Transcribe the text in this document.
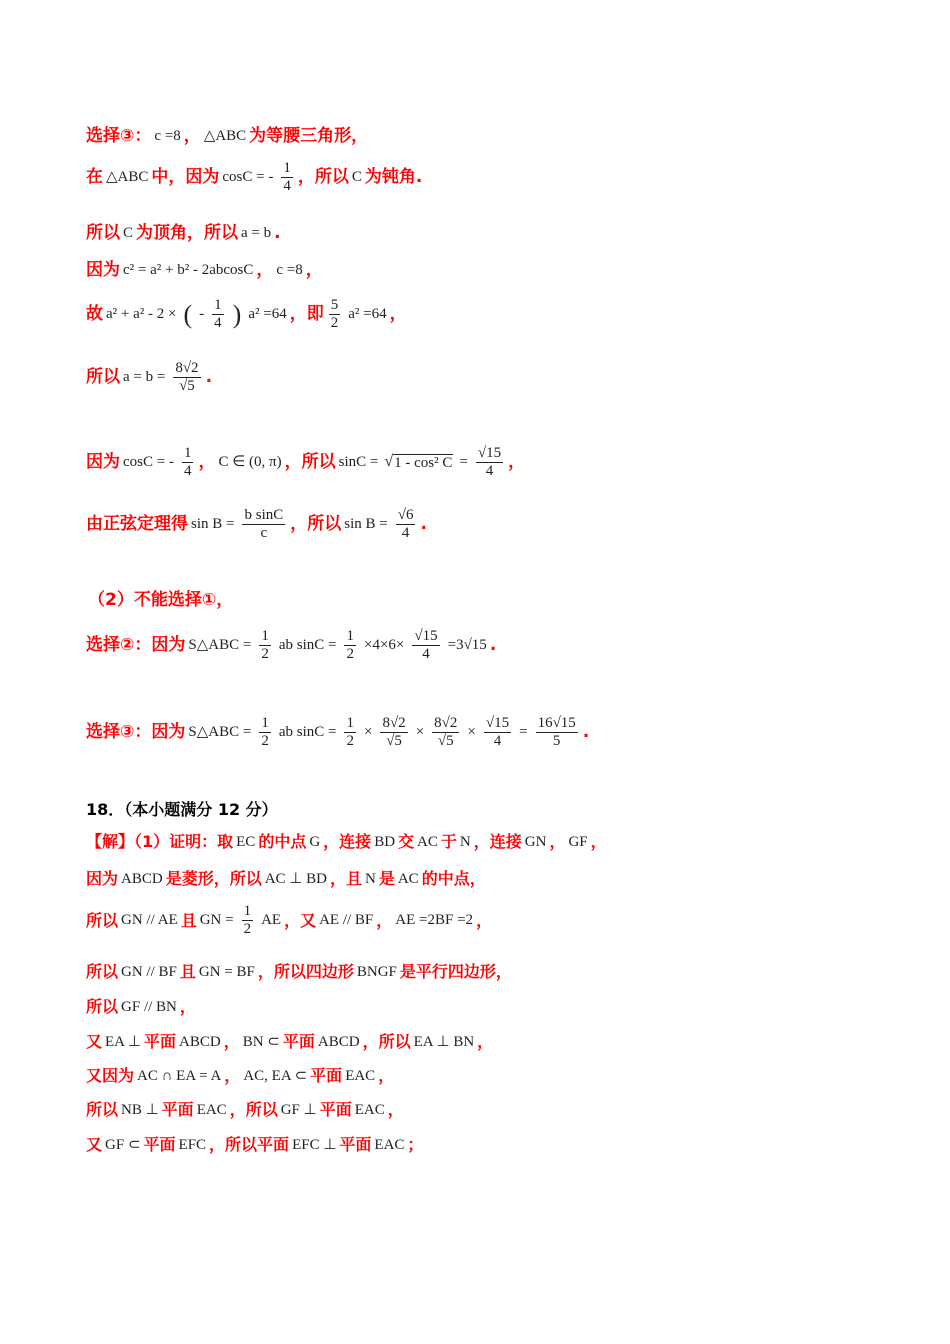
选择③： c =8 ， △ABC 为等腰三角形，
在 △ABC 中，因为 cosC = - $\frac{1}{4}$ ，所以 C 为钝角.
所以 C 为顶角，所以 a = b .
因为 c² = a² + b² - 2abcosC ， c =8 ，
故 a² + a² - 2 × ( - $\frac{1}{4}$ ) a² =64 ，即 $\frac{5}{2} a^2 =64$ ，
所以 $a = b = \frac{8√2}{√5}$ .
因为 cosC = - $\frac{1}{4}$ ， C ∈ (0, π) ，所以 sinC = √ 1 - cos² $C = \frac{√15}{4}$ ，
由正弦定理得 $\sin B = \frac{\text{b sinC}}{c}$ ，所以 $\sin B = \frac{√6}{4}$ .
（2）不能选择①，
选择②：因为 S△ABC = $\frac{1}{2}$ ab $\sin C = \frac{1}{2} \times 4\times 6\times \frac{√15}{4} =3√15$ .
选择③：因为 S△ABC = $\frac{1}{2}$ ab $\sin C = \frac{1}{2} \times \frac{8√2}{√5} \times \frac{8√2}{√5} \times \frac{√15}{4} = \frac{16√15}{5}$ .
18．（本小题满分 12 分）
【解】（1）证明：取 EC 的中点 G ，连接 BD 交 AC 于 N ，连接 GN ， GF ，
因为 ABCD 是菱形，所以 AC ⊥ BD ，且 N 是 AC 的中点，
所以 GN // AE 且 GN = $\frac{1}{2}$ AE ，又 AE // BF ， AE =2BF =2 ，
所以 GN // BF 且 GN = BF ，所以四边形 BNGF 是平行四边形，
所以 GF // BN ，
又 EA ⊥ 平面 ABCD ， BN ⊂ 平面 ABCD ，所以 EA ⊥ BN ，
又因为 AC ∩ EA = A ， AC, EA ⊂ 平面 EAC ，
所以 NB ⊥ 平面 EAC ，所以 GF ⊥ 平面 EAC ，
又 GF ⊂ 平面 EFC ，所以平面 EFC ⊥ 平面 EAC ；
